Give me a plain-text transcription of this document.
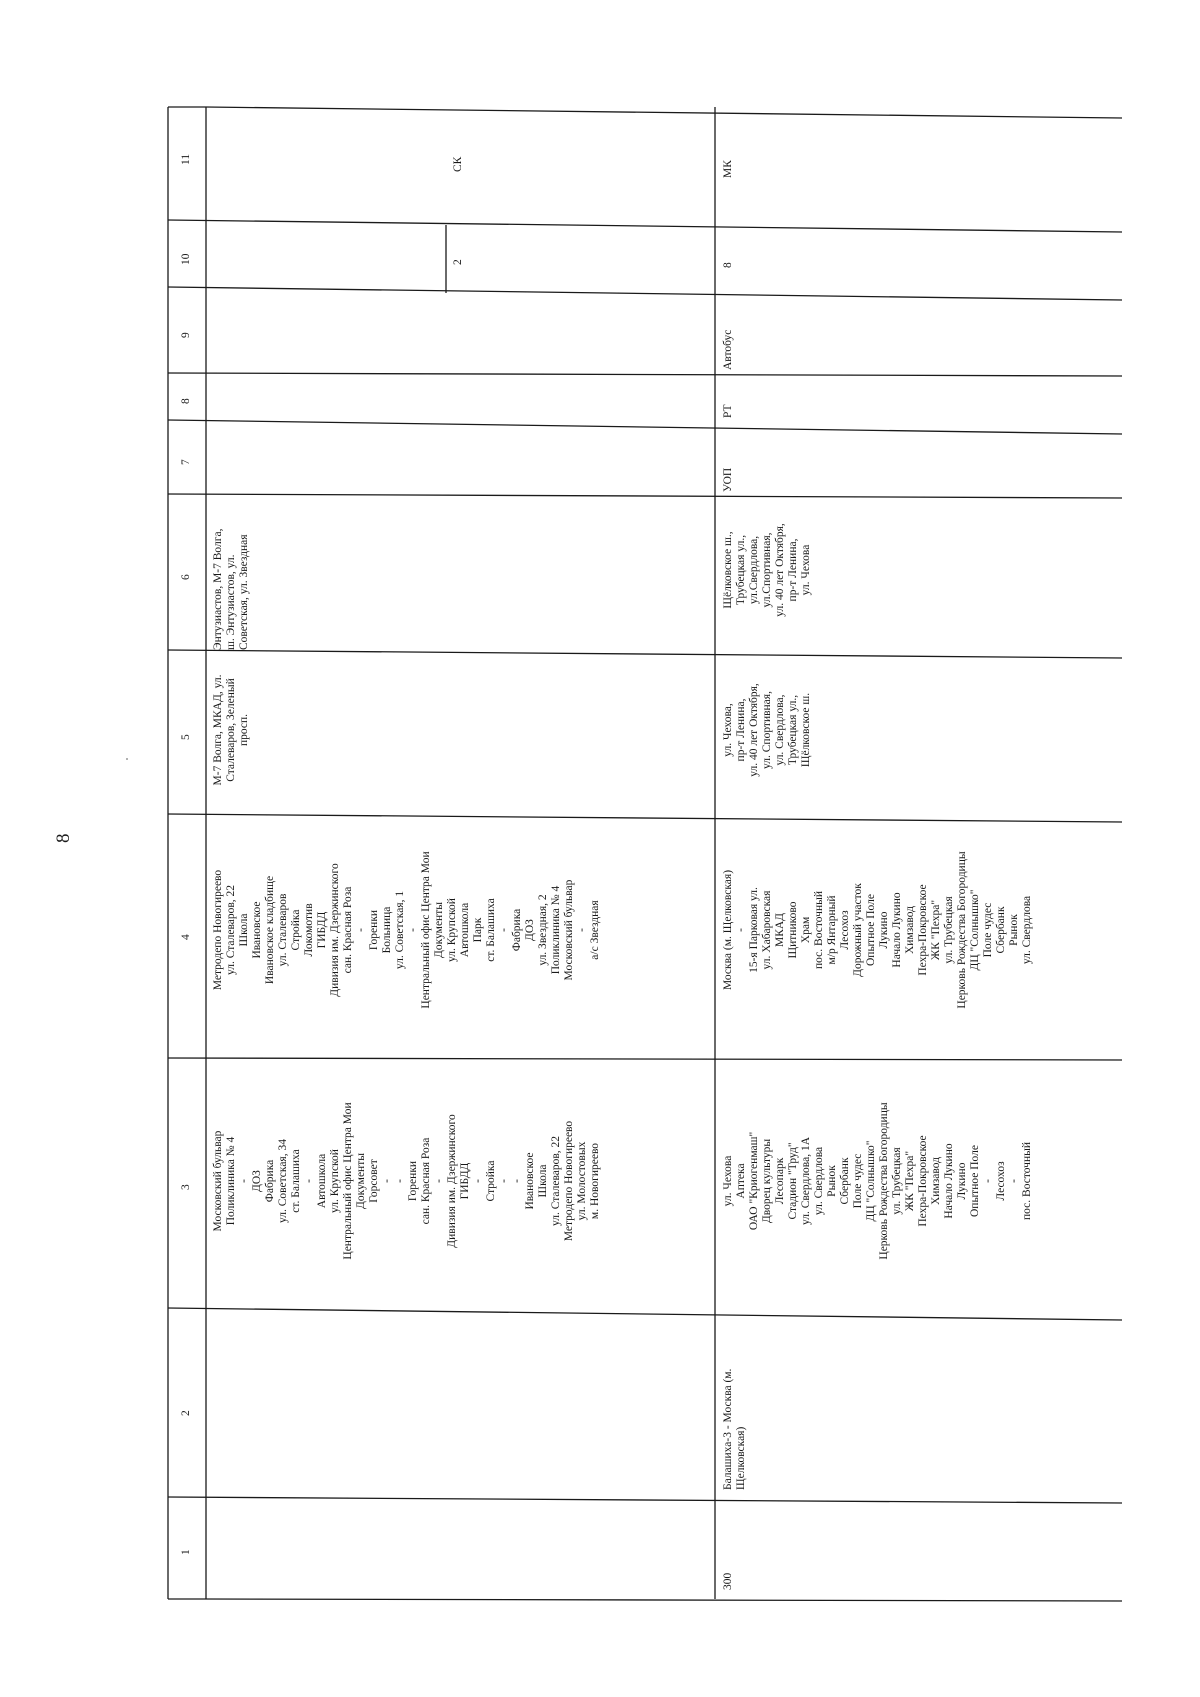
8
1
2
3
4
5
6
7
8
9
10
11
Московский бульвар
Поликлиника № 4
-
ДОЗ
Фабрика
ул. Советская, 34
ст. Балашиха
-
Автошкола
ул. Крупской
Центральный офис Центра Мои
Документы
Горсовет
-
-
Горенки
сан. Красная Роза
-
Дивизия им. Дзержинского
ГИБДД
-
Стройка
-
-
Ивановское
Школа
ул. Сталеваров, 22
Метродепо Новогиреево
ул. Молостовых
м. Новогиреево
Метродепо Новогиреево
ул. Сталеваров, 22
Школа
Ивановское
Ивановское кладбище
ул. Сталеваров
Стройка
Локомотив
ГИБДД
Дивизия им. Дзержинского
сан. Красная Роза
-
Горенки
Больница
ул. Советская, 1
-
Центральный офис Центра Мои
Документы
ул. Крупской
Автошкола
Парк
ст. Балашиха
-
Фабрика
ДОЗ
ул. Звездная, 2
Поликлиника № 4
Московский бульвар
-
а/с Звездная
М-7 Волга, МКАД, ул.
Сталеваров, Зеленый
просп.
Энтузиастов, М-7 Волга,
ш. Энтузиастов, ул.
Советская, ул. Звездная
2
СК
300
Балашиха-3 - Москва (м.
Щелковская)
ул. Чехова
Аптека
ОАО "Криогенмаш"
Дворец культуры
Лесопарк
Стадион "Труд"
ул. Свердлова, 1А
ул. Свердлова
Рынок
Сбербанк
Поле чудес
ДЦ "Солнышко"
Церковь Рождества Богородицы
ул. Трубецкая
ЖК "Пехра"
Пехра-Покровское
Химзавод
Начало Лукино
Лукино
Опытное Поле
-
Лесохоз
-
пос. Восточный
Москва (м. Щелковская)
-
15-я Парковая ул.
ул. Хабаровская
МКАД
Щитниково
Храм
пос. Восточный
м/р Янтарный
Лесохоз
Дорожный участок
Опытное Поле
Лукино
Начало Лукино
Химзавод
Пехра-Покровское
ЖК "Пехра"
ул. Трубецкая
Церковь Рождества Богородицы
ДЦ "Солнышко"
Поле чудес
Сбербанк
Рынок
ул. Свердлова
ул. Чехова,
пр-т Ленина,
ул. 40 лет Октября,
ул. Спортивная,
ул. Свердлова,
Трубецкая ул.,
Щёлковское ш.
Щёлковское ш.,
Трубецкая ул.,
ул.Свердлова,
ул.Спортивная,
ул. 40 лет Октября,
пр-т Ленина,
ул. Чехова
УОП
РТ
Автобус
8
МК
